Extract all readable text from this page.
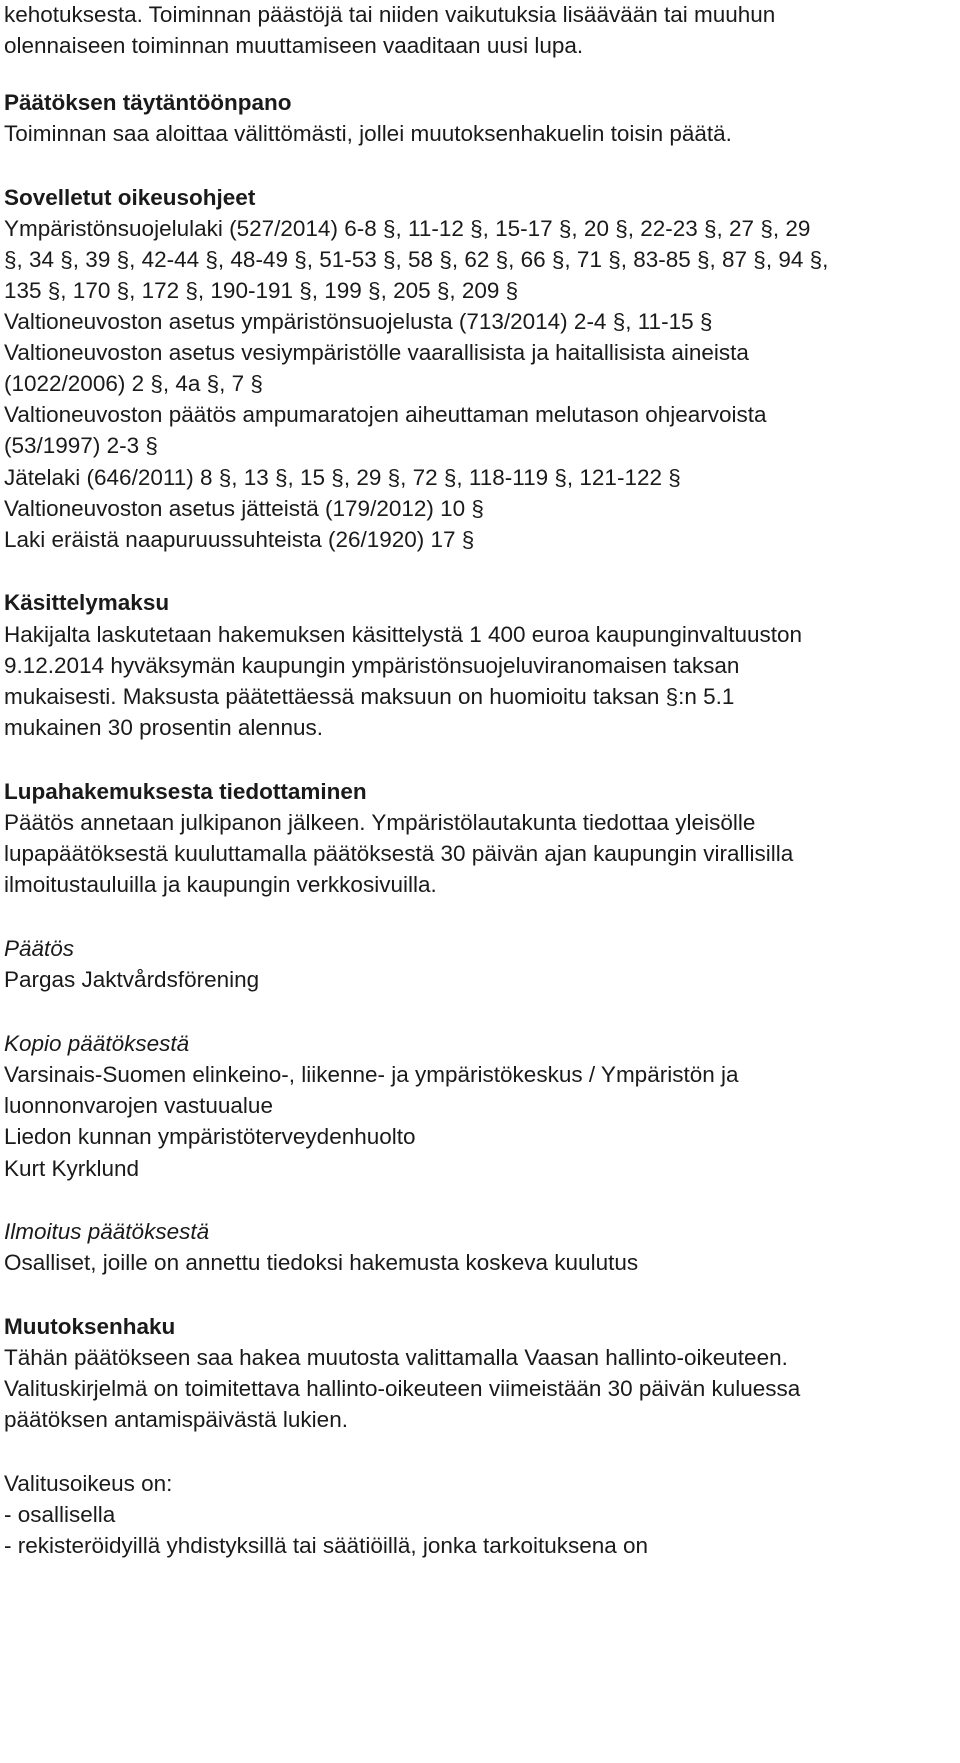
kehotuksesta. Toiminnan päästöjä tai niiden vaikutuksia lisäävään tai muuhun
olennaiseen toiminnan muuttamiseen vaaditaan uusi lupa.
Päätöksen täytäntöönpano
Toiminnan saa aloittaa välittömästi, jollei muutoksenhakuelin toisin päätä.
Sovelletut oikeusohjeet
Ympäristönsuojelulaki (527/2014) 6-8 §, 11-12 §, 15-17 §, 20 §, 22-23 §, 27 §, 29
§, 34 §, 39 §, 42-44 §, 48-49 §, 51-53 §, 58 §, 62 §, 66 §, 71 §, 83-85 §, 87 §, 94 §,
135 §, 170 §, 172 §, 190-191 §, 199 §, 205 §, 209 §
Valtioneuvoston asetus ympäristönsuojelusta (713/2014) 2-4 §, 11-15 §
Valtioneuvoston asetus vesiympäristölle vaarallisista ja haitallisista aineista
(1022/2006) 2 §, 4a §, 7 §
Valtioneuvoston päätös ampumaratojen aiheuttaman melutason ohjearvoista
(53/1997) 2-3 §
Jätelaki (646/2011) 8 §, 13 §, 15 §, 29 §, 72 §, 118-119 §, 121-122 §
Valtioneuvoston asetus jätteistä (179/2012) 10 §
Laki eräistä naapuruussuhteista (26/1920) 17 §
Käsittelymaksu
Hakijalta laskutetaan hakemuksen käsittelystä 1 400 euroa kaupunginvaltuuston
9.12.2014 hyväksymän kaupungin ympäristönsuojeluviranomaisen taksan
mukaisesti. Maksusta päätettäessä maksuun on huomioitu taksan §:n 5.1
mukainen 30 prosentin alennus.
Lupahakemuksesta tiedottaminen
Päätös annetaan julkipanon jälkeen. Ympäristölautakunta tiedottaa yleisölle
lupapäätöksestä kuuluttamalla päätöksestä 30 päivän ajan kaupungin virallisilla
ilmoitustauluilla ja kaupungin verkkosivuilla.
Päätös
Pargas Jaktvårdsförening
Kopio päätöksestä
Varsinais-Suomen elinkeino-, liikenne- ja ympäristökeskus / Ympäristön ja
luonnonvarojen vastuualue
Liedon kunnan ympäristöterveydenhuolto
Kurt Kyrklund
Ilmoitus päätöksestä
Osalliset, joille on annettu tiedoksi hakemusta koskeva kuulutus
Muutoksenhaku
Tähän päätökseen saa hakea muutosta valittamalla Vaasan hallinto-oikeuteen.
Valituskirjelmä on toimitettava hallinto-oikeuteen viimeistään 30 päivän kuluessa
päätöksen antamispäivästä lukien.
Valitusoikeus on:
- osallisella
- rekisteröidyillä yhdistyksillä tai säätiöillä, jonka tarkoituksena on
